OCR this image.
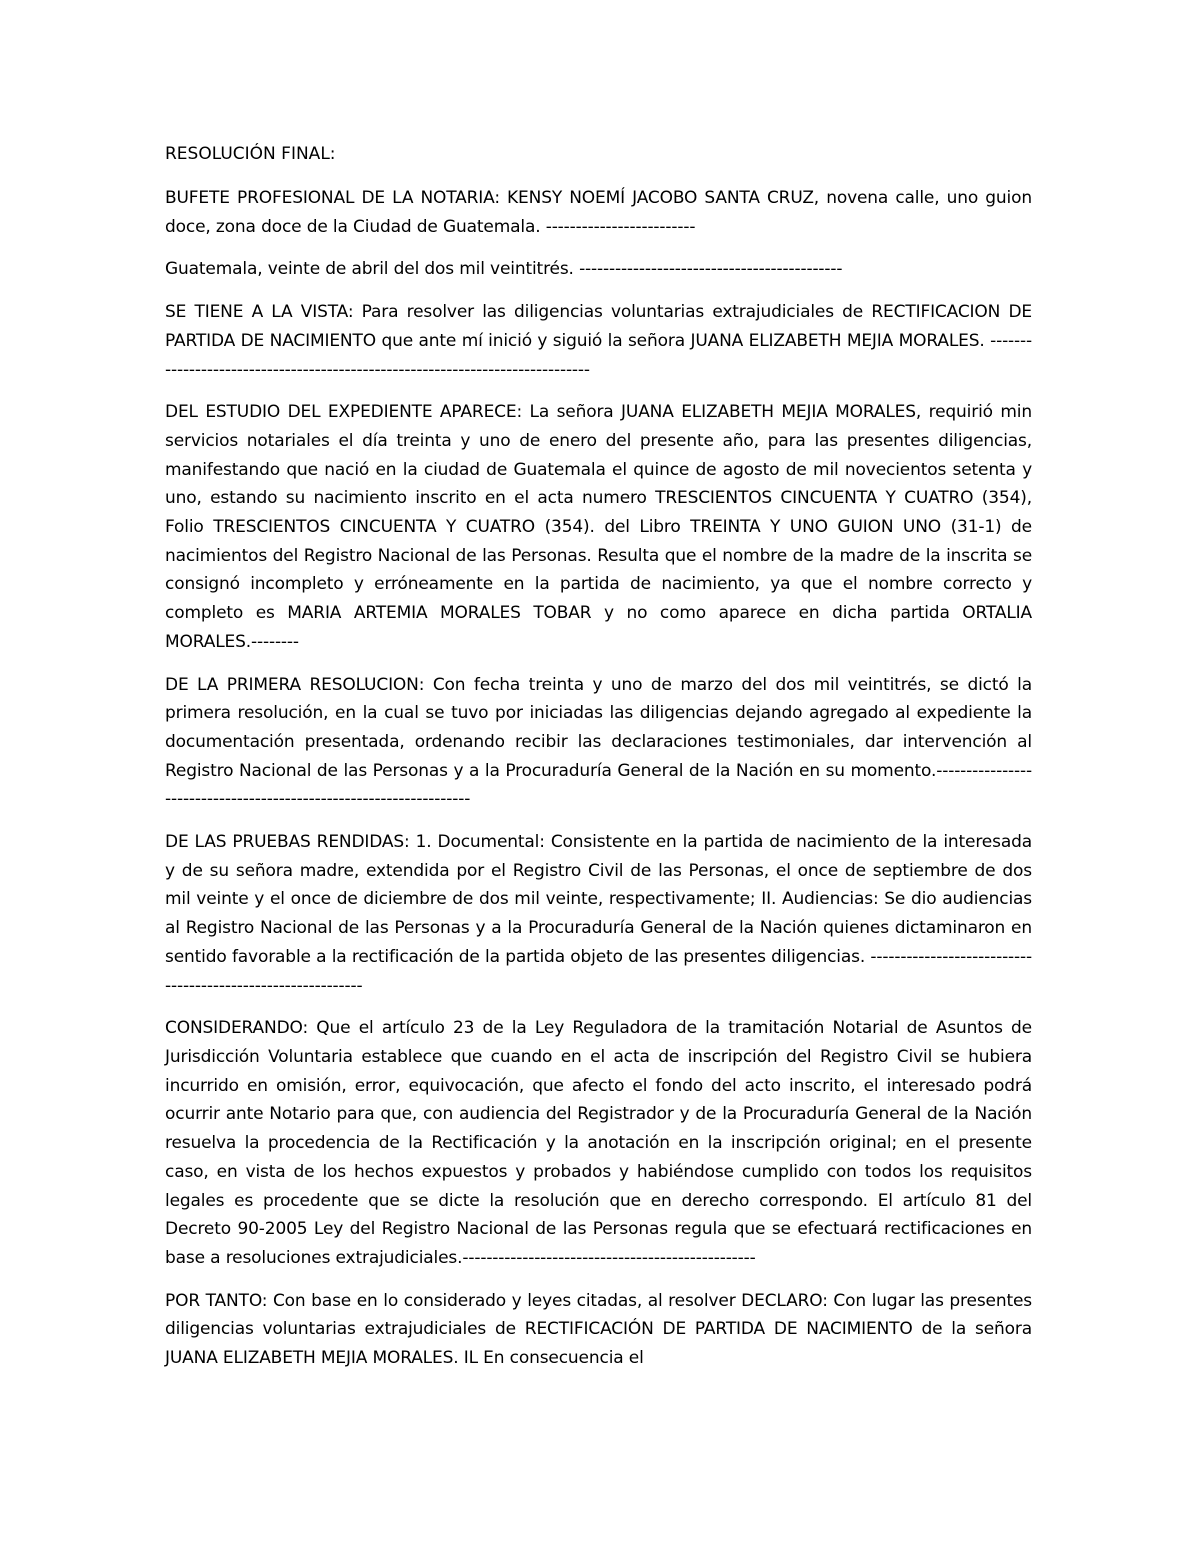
RESOLUCIÓN FINAL:

BUFETE PROFESIONAL DE LA NOTARIA: KENSY NOEMÍ JACOBO SANTA CRUZ, novena calle, uno guion doce, zona doce de la Ciudad de Guatemala. -------------------------

Guatemala, veinte de abril del dos mil veintitrés. --------------------------------------------

SE TIENE A LA VISTA: Para resolver las diligencias voluntarias extrajudiciales de RECTIFICACION DE PARTIDA DE NACIMIENTO que ante mí inició y siguió la señora JUANA ELIZABETH MEJIA MORALES. ------------------------------------------------------------------------------

DEL ESTUDIO DEL EXPEDIENTE APARECE: La señora JUANA ELIZABETH MEJIA MORALES, requirió min servicios notariales el día treinta y uno de enero del presente año, para las presentes diligencias, manifestando que nació en la ciudad de Guatemala el quince de agosto de mil novecientos setenta y uno, estando su nacimiento inscrito en el acta numero TRESCIENTOS CINCUENTA Y CUATRO (354), Folio TRESCIENTOS CINCUENTA Y CUATRO (354). del Libro TREINTA Y UNO GUION UNO (31-1) de nacimientos del Registro Nacional de las Personas. Resulta que el nombre de la madre de la inscrita se consignó incompleto y erróneamente en la partida de nacimiento, ya que el nombre correcto y completo es MARIA ARTEMIA MORALES TOBAR y no como aparece en dicha partida ORTALIA MORALES.--------

DE LA PRIMERA RESOLUCION: Con fecha treinta y uno de marzo del dos mil veintitrés, se dictó la primera resolución, en la cual se tuvo por iniciadas las diligencias dejando agregado al expediente la documentación presentada, ordenando recibir las declaraciones testimoniales, dar intervención al Registro Nacional de las Personas y a la Procuraduría General de la Nación en su momento.-------------------------------------------------------------------

DE LAS PRUEBAS RENDIDAS: 1. Documental: Consistente en la partida de nacimiento de la interesada y de su señora madre, extendida por el Registro Civil de las Personas, el once de septiembre de dos mil veinte y el once de diciembre de dos mil veinte, respectivamente; II. Audiencias: Se dio audiencias al Registro Nacional de las Personas y a la Procuraduría General de la Nación quienes dictaminaron en sentido favorable a la rectificación de la partida objeto de las presentes diligencias. ------------------------------------------------------------

CONSIDERANDO: Que el artículo 23 de la Ley Reguladora de la tramitación Notarial de Asuntos de Jurisdicción Voluntaria establece que cuando en el acta de inscripción del Registro Civil se hubiera incurrido en omisión, error, equivocación, que afecto el fondo del acto inscrito, el interesado podrá ocurrir ante Notario para que, con audiencia del Registrador y de la Procuraduría General de la Nación resuelva la procedencia de la Rectificación y la anotación en la inscripción original; en el presente caso, en vista de los hechos expuestos y probados y habiéndose cumplido con todos los requisitos legales es procedente que se dicte la resolución que en derecho correspondo. El artículo 81 del Decreto 90-2005 Ley del Registro Nacional de las Personas regula que se efectuará rectificaciones en base a resoluciones extrajudiciales.-------------------------------------------------

POR TANTO: Con base en lo considerado y leyes citadas, al resolver DECLARO: Con lugar las presentes diligencias voluntarias extrajudiciales de RECTIFICACIÓN DE PARTIDA DE NACIMIENTO de la señora JUANA ELIZABETH MEJIA MORALES. IL En consecuencia el
